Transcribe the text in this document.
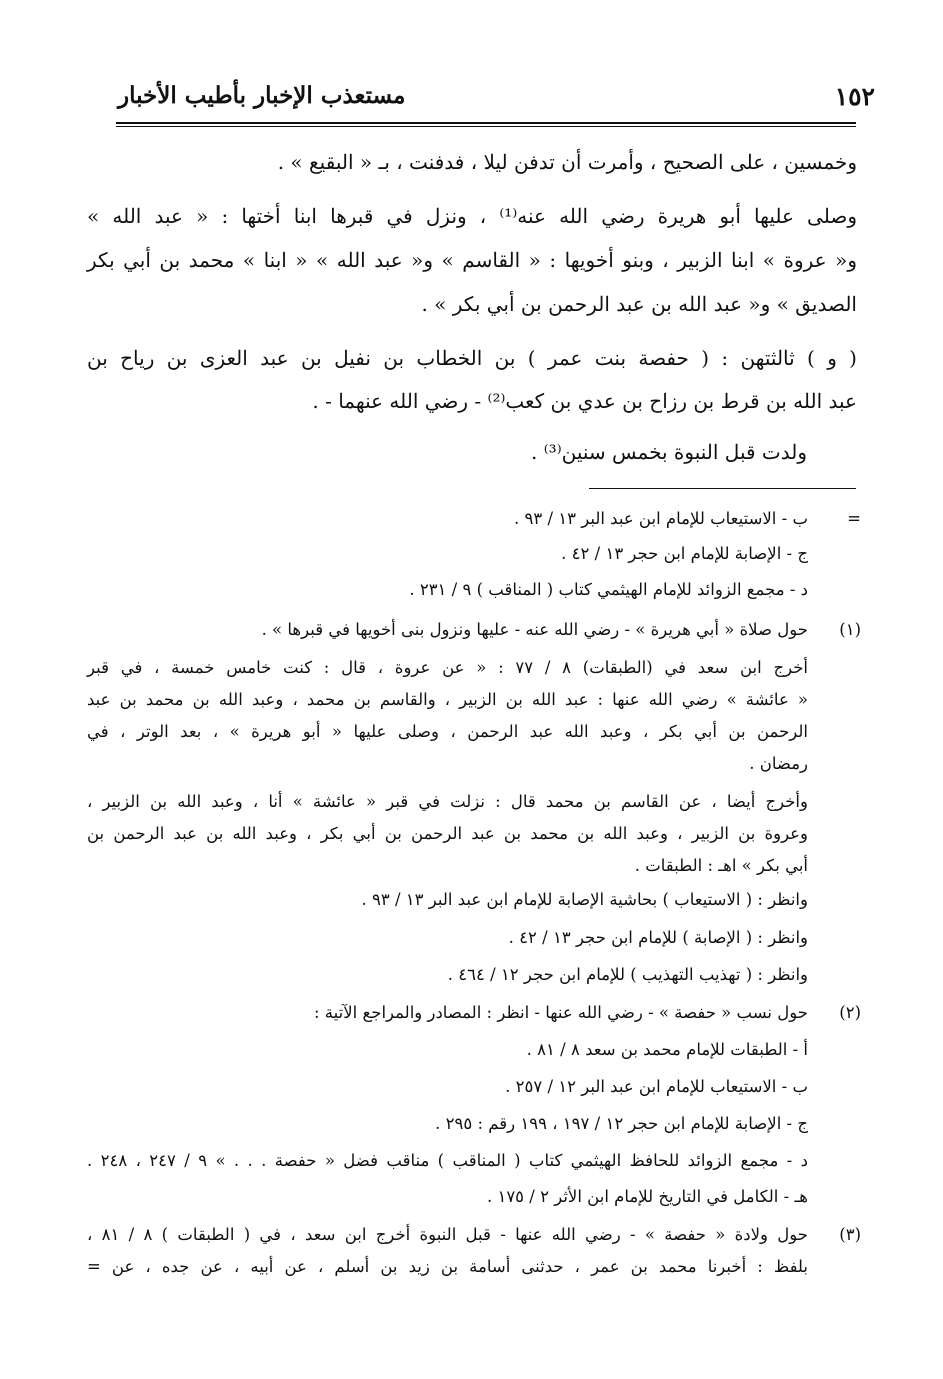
١٥٢
مستعذب الإخبار بأطيب الأخبار
وخمسين ، على الصحيح ، وأمرت أن تدفن ليلا ، فدفنت ، بـ « البقيع » .
وصلى عليها أبو هريرة رضي الله عنه⁽¹⁾ ، ونزل في قبرها ابنا أختها : « عبد الله »
و« عروة » ابنا الزبير ، وبنو أخويها : « القاسم » و« عبد الله » « ابنا » محمد بن أبي بكر
الصديق » و« عبد الله بن عبد الرحمن بن أبي بكر » .
( و ) ثالثتهن : ( حفصة بنت عمر ) بن الخطاب بن نفيل بن عبد العزى بن رياح بن
عبد الله بن قرط بن رزاح بن عدي بن كعب⁽²⁾ - رضي الله عنهما - .
ولدت قبل النبوة بخمس سنين⁽³⁾ .
=
ب - الاستيعاب للإمام ابن عبد البر ١٣ / ٩٣ .
ج - الإصابة للإمام ابن حجر ١٣ / ٤٢ .
د - مجمع الزوائد للإمام الهيثمي كتاب ( المناقب ) ٩ / ٢٣١ .
(١)
حول صلاة « أبي هريرة » - رضي الله عنه - عليها ونزول بنى أخويها في قبرها » .
أخرج ابن سعد في (الطبقات) ٨ / ٧٧ : « عن عروة ، قال : كنت خامس خمسة ، في قبر
« عائشة » رضي الله عنها : عبد الله بن الزبير ، والقاسم بن محمد ، وعبد الله بن محمد بن عبد
الرحمن بن أبي بكر ، وعبد الله عبد الرحمن ، وصلى عليها « أبو هريرة » ، بعد الوتر ، في
رمضان .
وأخرج أيضا ، عن القاسم بن محمد قال : نزلت في قبر « عائشة » أنا ، وعبد الله بن الزبير ،
وعروة بن الزبير ، وعبد الله بن محمد بن عبد الرحمن بن أبي بكر ، وعبد الله بن عبد الرحمن بن
أبي بكر » اهـ : الطبقات .
وانظر : ( الاستيعاب ) بحاشية الإصابة للإمام ابن عبد البر ١٣ / ٩٣ .
وانظر : ( الإصابة ) للإمام ابن حجر ١٣ / ٤٢ .
وانظر : ( تهذيب التهذيب ) للإمام ابن حجر ١٢ / ٤٦٤ .
(٢)
حول نسب « حفصة » - رضي الله عنها - انظر : المصادر والمراجع الآتية :
أ - الطبقات للإمام محمد بن سعد ٨ / ٨١ .
ب - الاستيعاب للإمام ابن عبد البر ١٢ / ٢٥٧ .
ج - الإصابة للإمام ابن حجر ١٢ / ١٩٧ ، ١٩٩ رقم : ٢٩٥ .
د - مجمع الزوائد للحافظ الهيثمي كتاب ( المناقب ) مناقب فضل « حفصة . . . » ٩ / ٢٤٧ ، ٢٤٨ .
هـ - الكامل في التاريخ للإمام ابن الأثر ٢ / ١٧٥ .
(٣)
حول ولادة « حفصة » - رضي الله عنها - قبل النبوة أخرج ابن سعد ، في ( الطبقات ) ٨ / ٨١ ،
بلفظ : أخبرنا محمد بن عمر ، حدثنى أسامة بن زيد بن أسلم ، عن أبيه ، عن جده ، عن =
